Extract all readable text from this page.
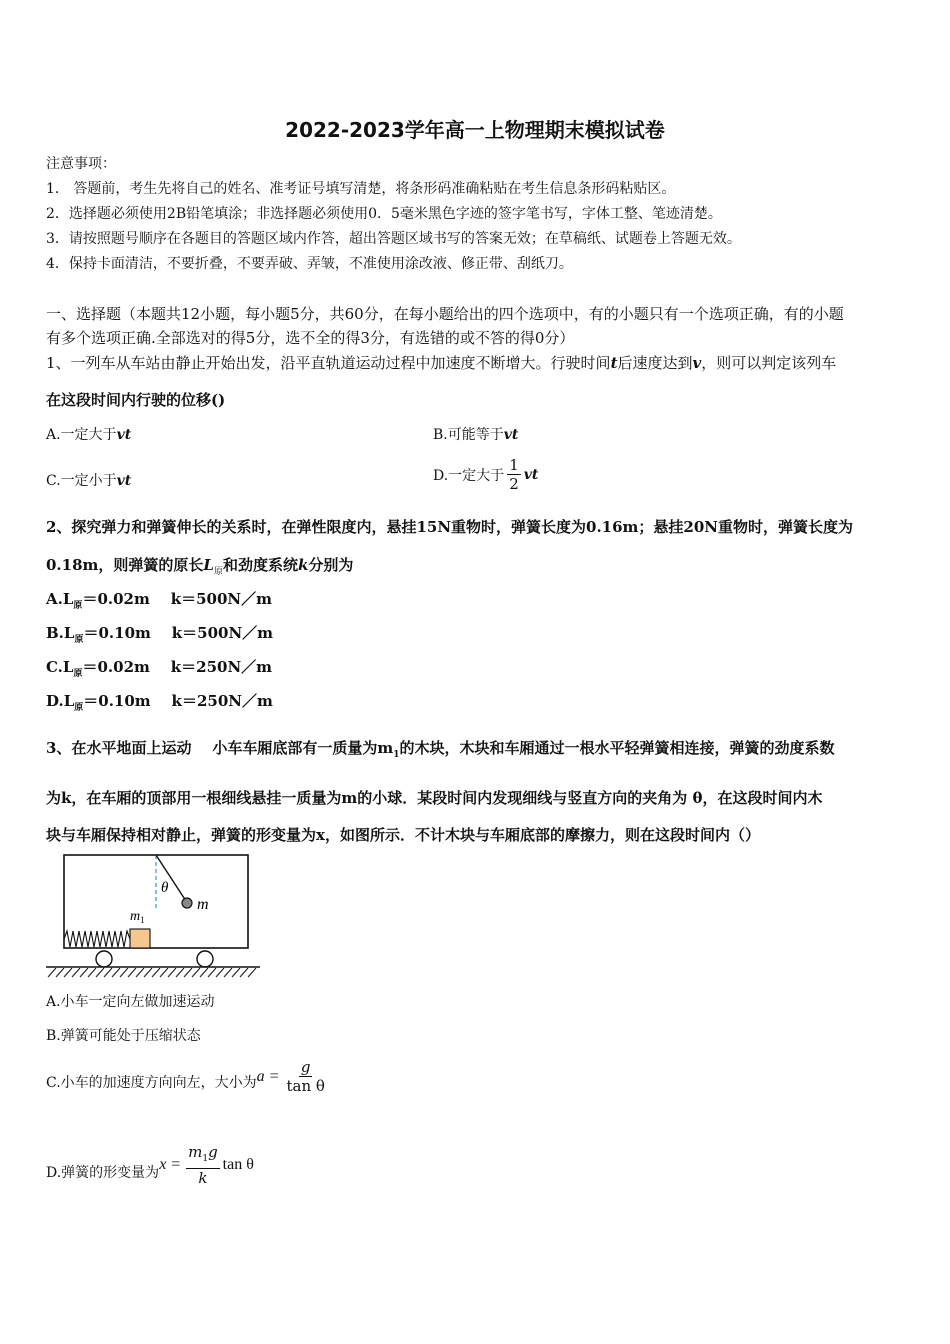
2022-2023学年高一上物理期末模拟试卷
注意事项：
1． 答题前，考生先将自己的姓名、准考证号填写清楚，将条形码准确粘贴在考生信息条形码粘贴区。
2．选择题必须使用2B铅笔填涂；非选择题必须使用0．5毫米黑色字迹的签字笔书写，字体工整、笔迹清楚。
3．请按照题号顺序在各题目的答题区域内作答，超出答题区域书写的答案无效；在草稿纸、试题卷上答题无效。
4．保持卡面清洁，不要折叠，不要弄破、弄皱，不准使用涂改液、修正带、刮纸刀。
一、选择题（本题共12小题，每小题5分，共60分，在每小题给出的四个选项中，有的小题只有一个选项正确，有的小题
有多个选项正确.全部选对的得5分，选不全的得3分，有选错的或不答的得0分）
1、一列车从车站由静止开始出发，沿平直轨道运动过程中加速度不断增大。行驶时间t后速度达到v，则可以判定该列车
在这段时间内行驶的位移()
A.一定大于vt	B.可能等于vt
C.一定小于vt	D.一定大于 $\frac{1}{2}$ vt
2、探究弹力和弹簧伸长的关系时，在弹性限度内，悬挂15N重物时，弹簧长度为0.16m；悬挂20N重物时，弹簧长度为
0.18m，则弹簧的原长$L_原$和劲度系统k分别为
$A.L_原=0.02m$    k＝500N／m
$B.L_原=0.10m$    k＝500N／m
$C.L_原=0.02m$    k＝250N／m
$D.L_原=0.10m$    k＝250N／m
3、在水平地面上运动    小车车厢底部有一质量为$m_1$的木块，木块和车厢通过一根水平轻弹簧相连接，弹簧的劲度系数
为k，在车厢的顶部用一根细线悬挂一质量为m的小球．某段时间内发现细线与竖直方向的夹角为 θ，在这段时间内木
块与车厢保持相对静止，弹簧的形变量为x，如图所示．不计木块与车厢底部的摩擦力，则在这段时间内（）
θ
m
$m_1$
A.小车一定向左做加速运动
B.弹簧可能处于压缩状态
C.小车的加速度方向向左，大小为 $a = \frac{g}{\text{tan θ}}$
D.弹簧的形变量为 $x = \frac{m_1g}{k}$ tan θ
